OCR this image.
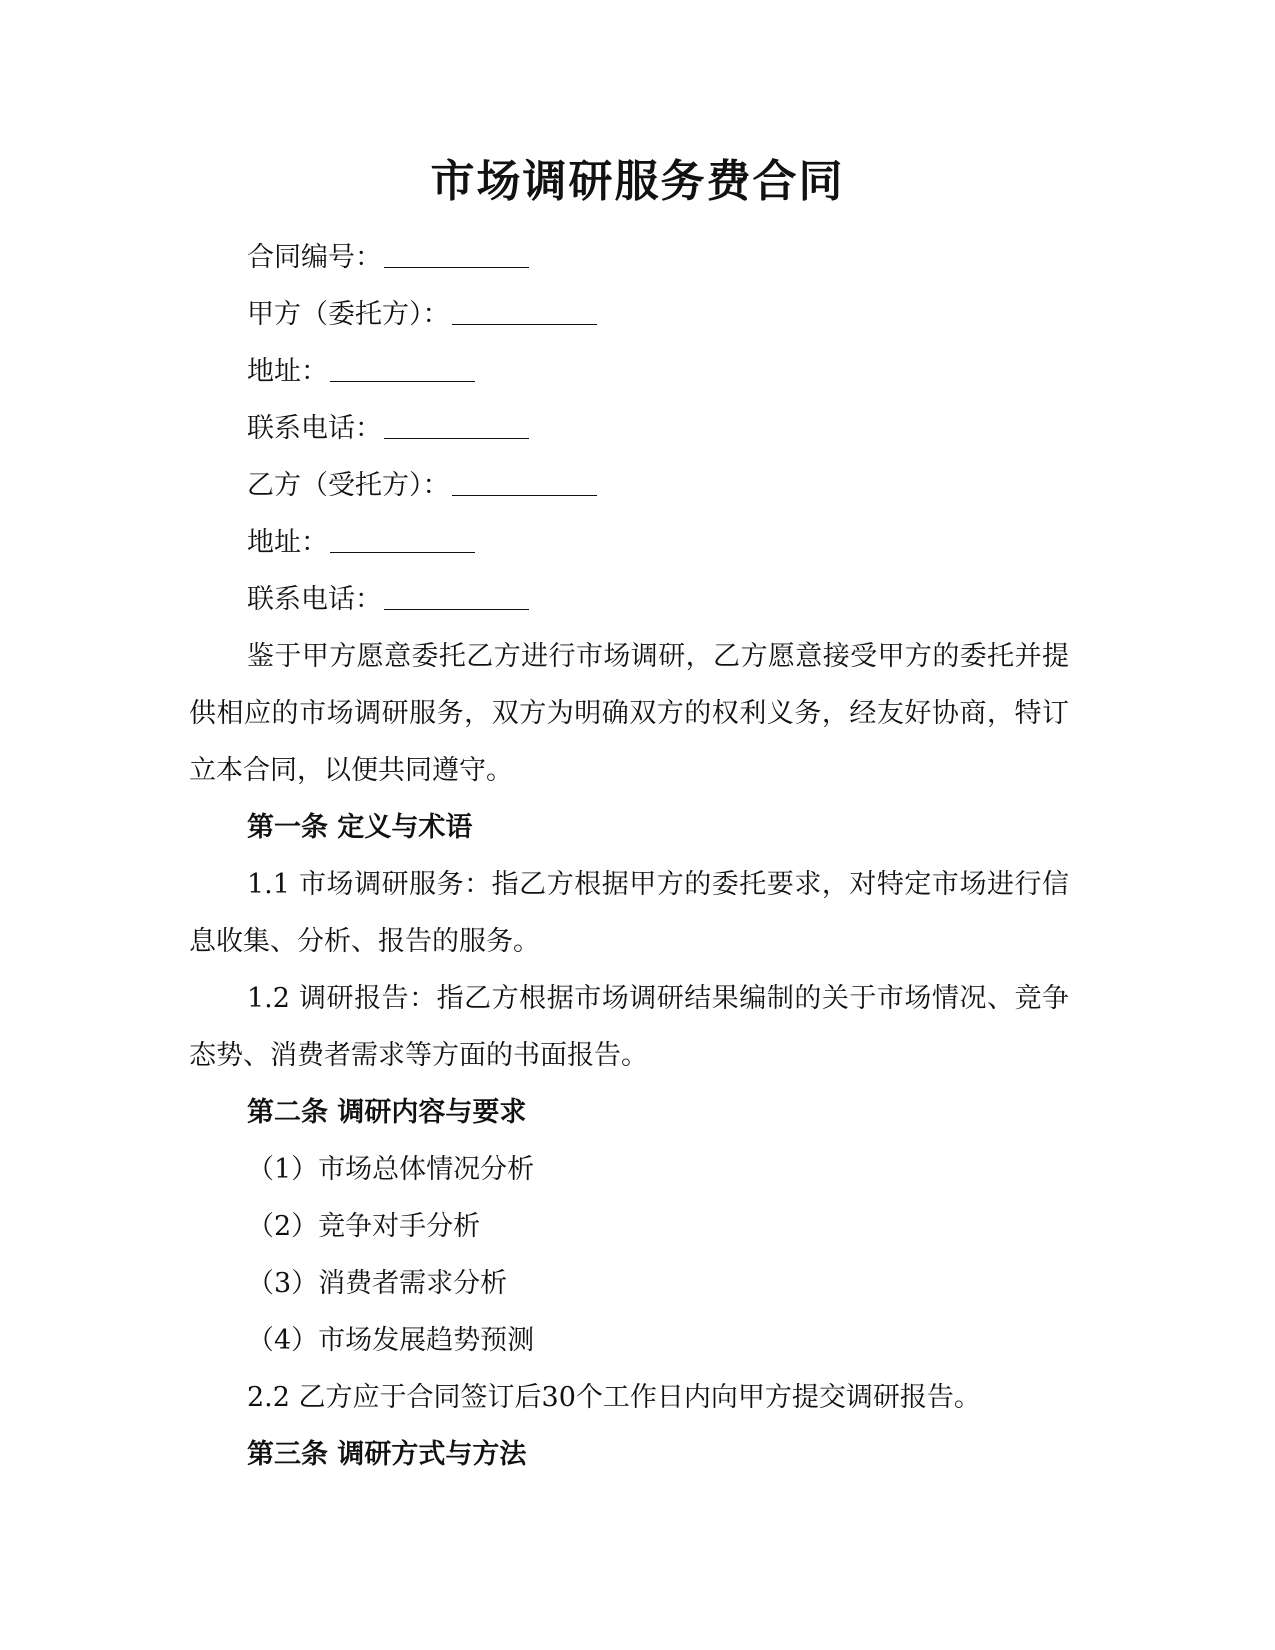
市场调研服务费合同
合同编号：
甲方（委托方）：
地址：
联系电话：
乙方（受托方）：
地址：
联系电话：
鉴于甲方愿意委托乙方进行市场调研，乙方愿意接受甲方的委托并提供相应的市场调研服务，双方为明确双方的权利义务，经友好协商，特订立本合同，以便共同遵守。
第一条 定义与术语
1.1 市场调研服务：指乙方根据甲方的委托要求，对特定市场进行信息收集、分析、报告的服务。
1.2 调研报告：指乙方根据市场调研结果编制的关于市场情况、竞争态势、消费者需求等方面的书面报告。
第二条 调研内容与要求
（1）市场总体情况分析
（2）竞争对手分析
（3）消费者需求分析
（4）市场发展趋势预测
2.2 乙方应于合同签订后30个工作日内向甲方提交调研报告。
第三条 调研方式与方法
